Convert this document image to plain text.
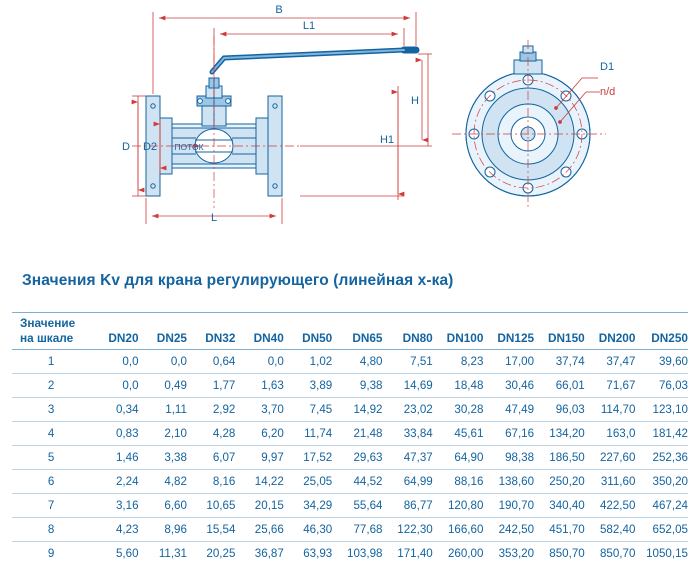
B
L1
H
H1
D D2
L
ПОТОК
D1
n/d
Значения Kv для крана регулирующего (линейная х-ка)

Значение
на шкале	DN20	DN25	DN32	DN40	DN50	DN65	DN80	DN100	DN125	DN150	DN200	DN250
1	0,0	0,0	0,64	0,0	1,02	4,80	7,51	8,23	17,00	37,74	37,47	39,60
2	0,0	0,49	1,77	1,63	3,89	9,38	14,69	18,48	30,46	66,01	71,67	76,03
3	0,34	1,11	2,92	3,70	7,45	14,92	23,02	30,28	47,49	96,03	114,70	123,10
4	0,83	2,10	4,28	6,20	11,74	21,48	33,84	45,61	67,16	134,20	163,0	181,42
5	1,46	3,38	6,07	9,97	17,52	29,63	47,37	64,90	98,38	186,50	227,60	252,36
6	2,24	4,82	8,16	14,22	25,05	44,52	64,99	88,16	138,60	250,20	311,60	350,20
7	3,16	6,60	10,65	20,15	34,29	55,64	86,77	120,80	190,70	340,40	422,50	467,24
8	4,23	8,96	15,54	25,66	46,30	77,68	122,30	166,60	242,50	451,70	582,40	652,05
9	5,60	11,31	20,25	36,87	63,93	103,98	171,40	260,00	353,20	850,70	850,70	1050,15
